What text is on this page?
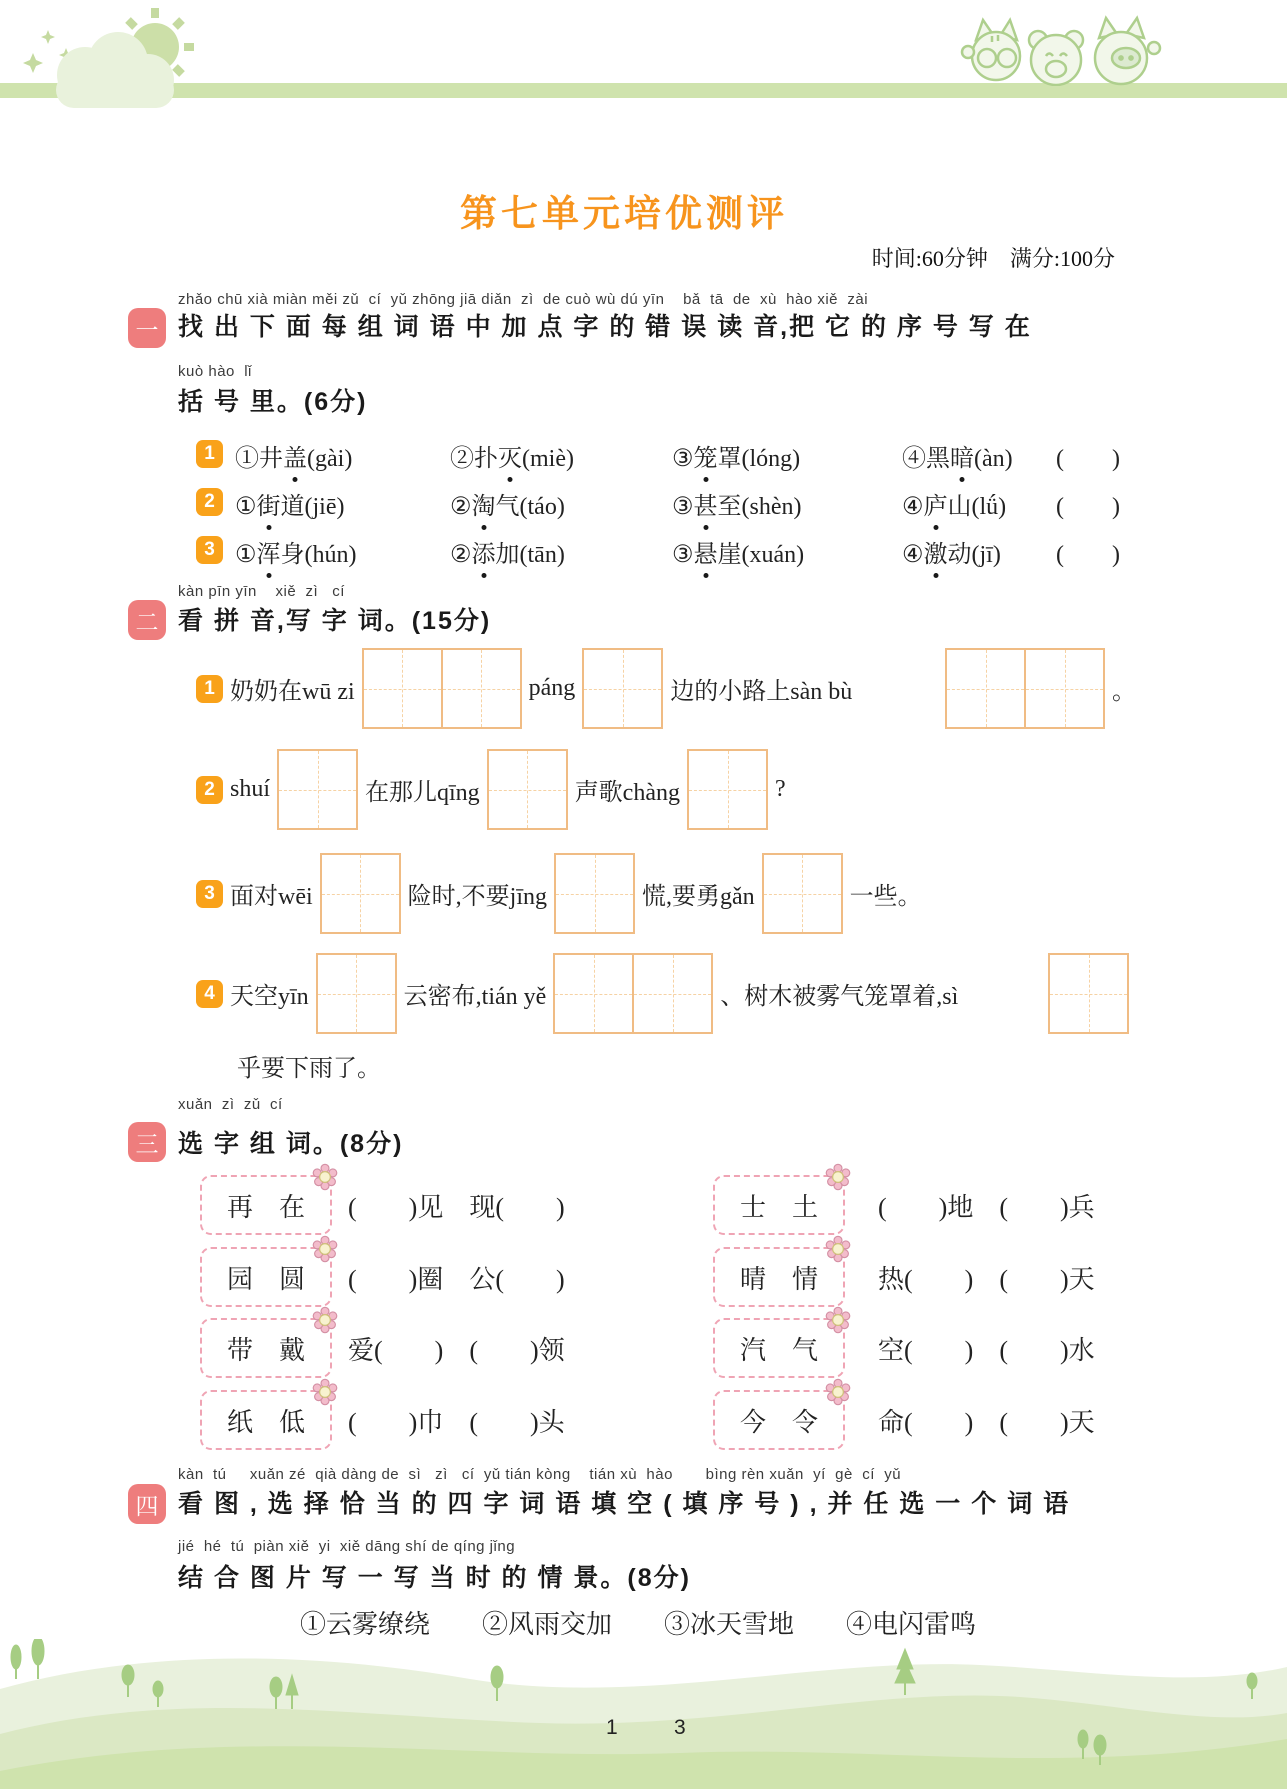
第七单元培优测评
时间:60分钟　满分:100分
zhǎo chū xià miàn měi zǔ  cí  yǔ zhōng jiā diǎn  zì  de cuò wù dú yīn    bǎ  tā  de  xù  hào xiě  zài
一 找 出 下 面 每 组 词 语 中 加 点 字 的 错 误 读 音,把 它 的 序 号 写 在
kuò hào  lǐ
括 号 里。(6分)
1 ①井盖(gài)	②扑灭(miè)	③笼罩(lóng)	④黑暗(àn) (　　)
2 ①街道(jiē)	②淘气(táo)	③甚至(shèn)	④庐山(lǘ) (　　)
3 ①浑身(hún)	②添加(tān)	③悬崖(xuán)	④激动(jī) (　　)
kàn pīn yīn    xiě  zì   cí
二 看 拼 音,写 字 词。(15分)
1 奶奶在wū zi	páng	边的小路上sàn bù	。
2 shuí	在那儿qīng	声歌chàng	?
3 面对wēi	险时,不要jīng	慌,要勇gǎn	一些。
4 天空yīn	云密布,tián yě	、树木被雾气笼罩着,sì
乎要下雨了。
xuǎn  zì  zǔ  cí
三 选 字 组 词。(8分)
再　在 (　　)见　现(　　)	士　土 (　　)地　(　　)兵
园　圆 (　　)圈　公(　　)	晴　情 热(　　)　(　　)天
带　戴 爱(　　)　(　　)领	汽　气 空(　　)　(　　)水
纸　低 (　　)巾　(　　)头	今　令 命(　　)　(　　)天
kàn  tú     xuǎn zé  qià dàng de  sì   zì   cí  yǔ tián kòng    tián xù  hào       bìng rèn xuǎn  yí  gè  cí  yǔ
四 看 图 , 选 择 恰 当 的 四 字 词 语 填 空 ( 填 序 号 ) , 并 任 选 一 个 词 语
jié  hé  tú  piàn xiě  yi  xiě dāng shí de qíng jǐng
结 合 图 片 写 一 写 当 时 的 情 景。(8分)
①云雾缭绕　　②风雨交加　　③冰天雪地　　④电闪雷鸣
1	3
